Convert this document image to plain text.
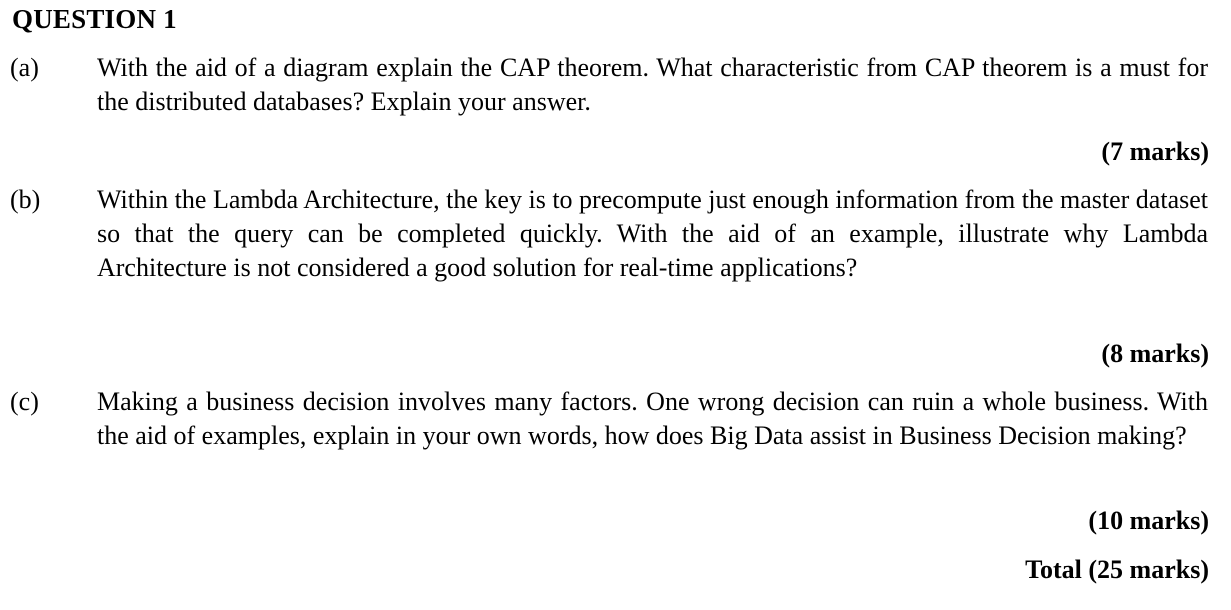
QUESTION 1
(a) With the aid of a diagram explain the CAP theorem. What characteristic from CAP theorem is a must for the distributed databases? Explain your answer.
(7 marks)
(b) Within the Lambda Architecture, the key is to precompute just enough information from the master dataset so that the query can be completed quickly. With the aid of an example, illustrate why Lambda Architecture is not considered a good solution for real-time applications?
(8 marks)
(c) Making a business decision involves many factors. One wrong decision can ruin a whole business. With the aid of examples, explain in your own words, how does Big Data assist in Business Decision making?
(10 marks)
Total (25 marks)
